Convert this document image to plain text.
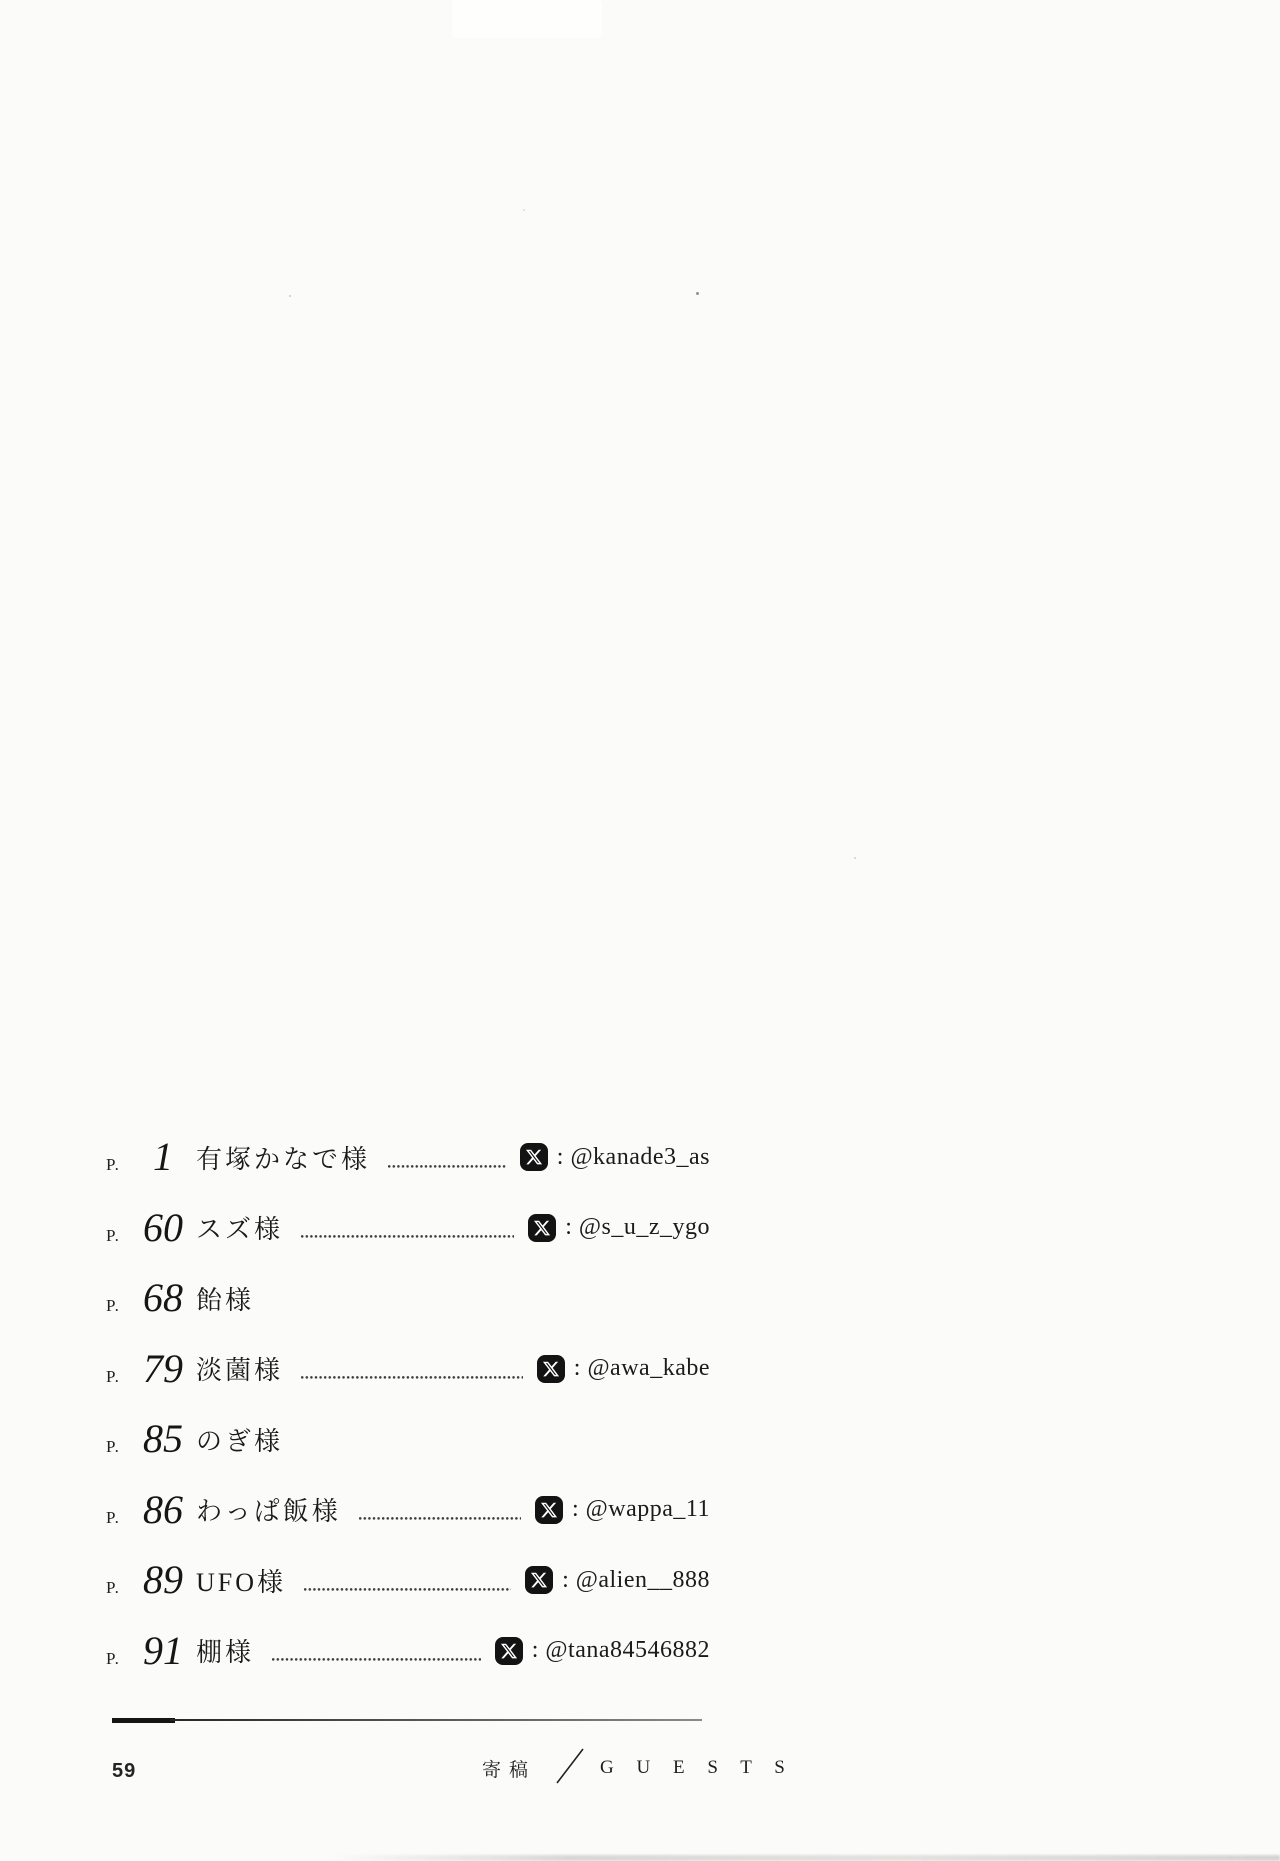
P. 1 有塚かなで様	: @kanade3_as
P. 60 スズ様	: @s_u_z_ygo
P. 68 飴様
P. 79 淡薗様	: @awa_kabe
P. 85 のぎ様
P. 86 わっぱ飯様	: @wappa_11
P. 89 UFO様	: @alien__888
P. 91 棚様	: @tana84546882
59	寄稿	G U E S T S
